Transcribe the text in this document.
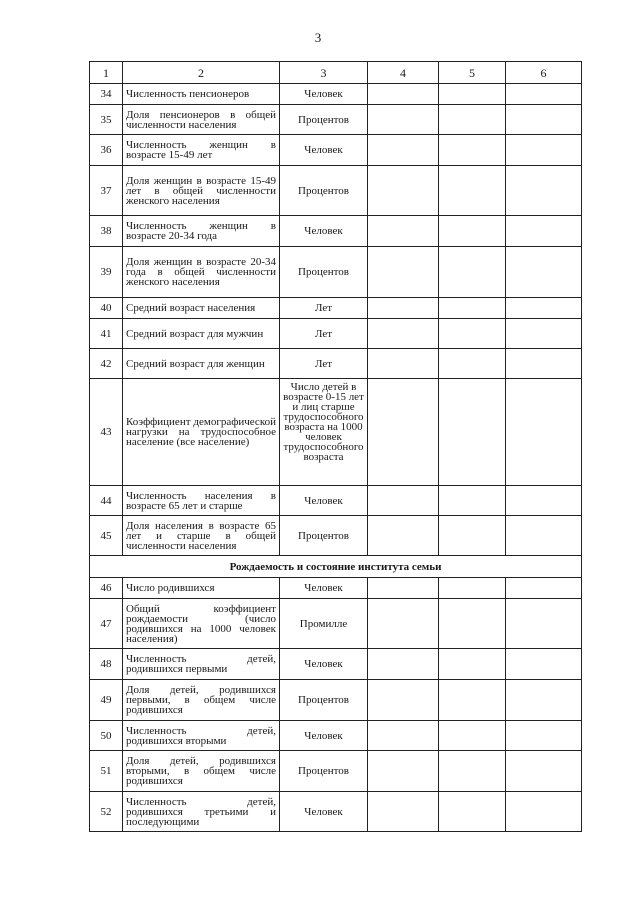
3
1	2	3	4	5	6
34	Численность пенсионеров	Человек			
35	Доля пенсионеров в общей численности населения	Процентов			
36	Численность женщин в возрасте 15-49 лет	Человек			
37	Доля женщин в возрасте 15-49 лет в общей численности женского населения	Процентов			
38	Численность женщин в возрасте 20-34 года	Человек			
39	Доля женщин в возрасте 20-34 года в общей численности женского населения	Процентов			
40	Средний возраст населения	Лет			
41	Средний возраст для мужчин	Лет			
42	Средний возраст для женщин	Лет			
43	Коэффициент демографической нагрузки на трудоспособное население (все население)	Число детей в возрасте 0-15 лет и лиц старше трудоспособного возраста на 1000 человек трудоспособного возраста			
44	Численность населения в возрасте 65 лет и старше	Человек			
45	Доля населения в возрасте 65 лет и старше в общей численности населения	Процентов			
Рождаемость и состояние института семьи					
46	Число родившихся	Человек			
47	Общий коэффициент рождаемости (число родившихся на 1000 человек населения)	Промилле			
48	Численность детей, родившихся первыми	Человек			
49	Доля детей, родившихся первыми, в общем числе родившихся	Процентов			
50	Численность детей, родившихся вторыми	Человек			
51	Доля детей, родившихся вторыми, в общем числе родившихся	Процентов			
52	Численность детей, родившихся третьими и последующими	Человек			
